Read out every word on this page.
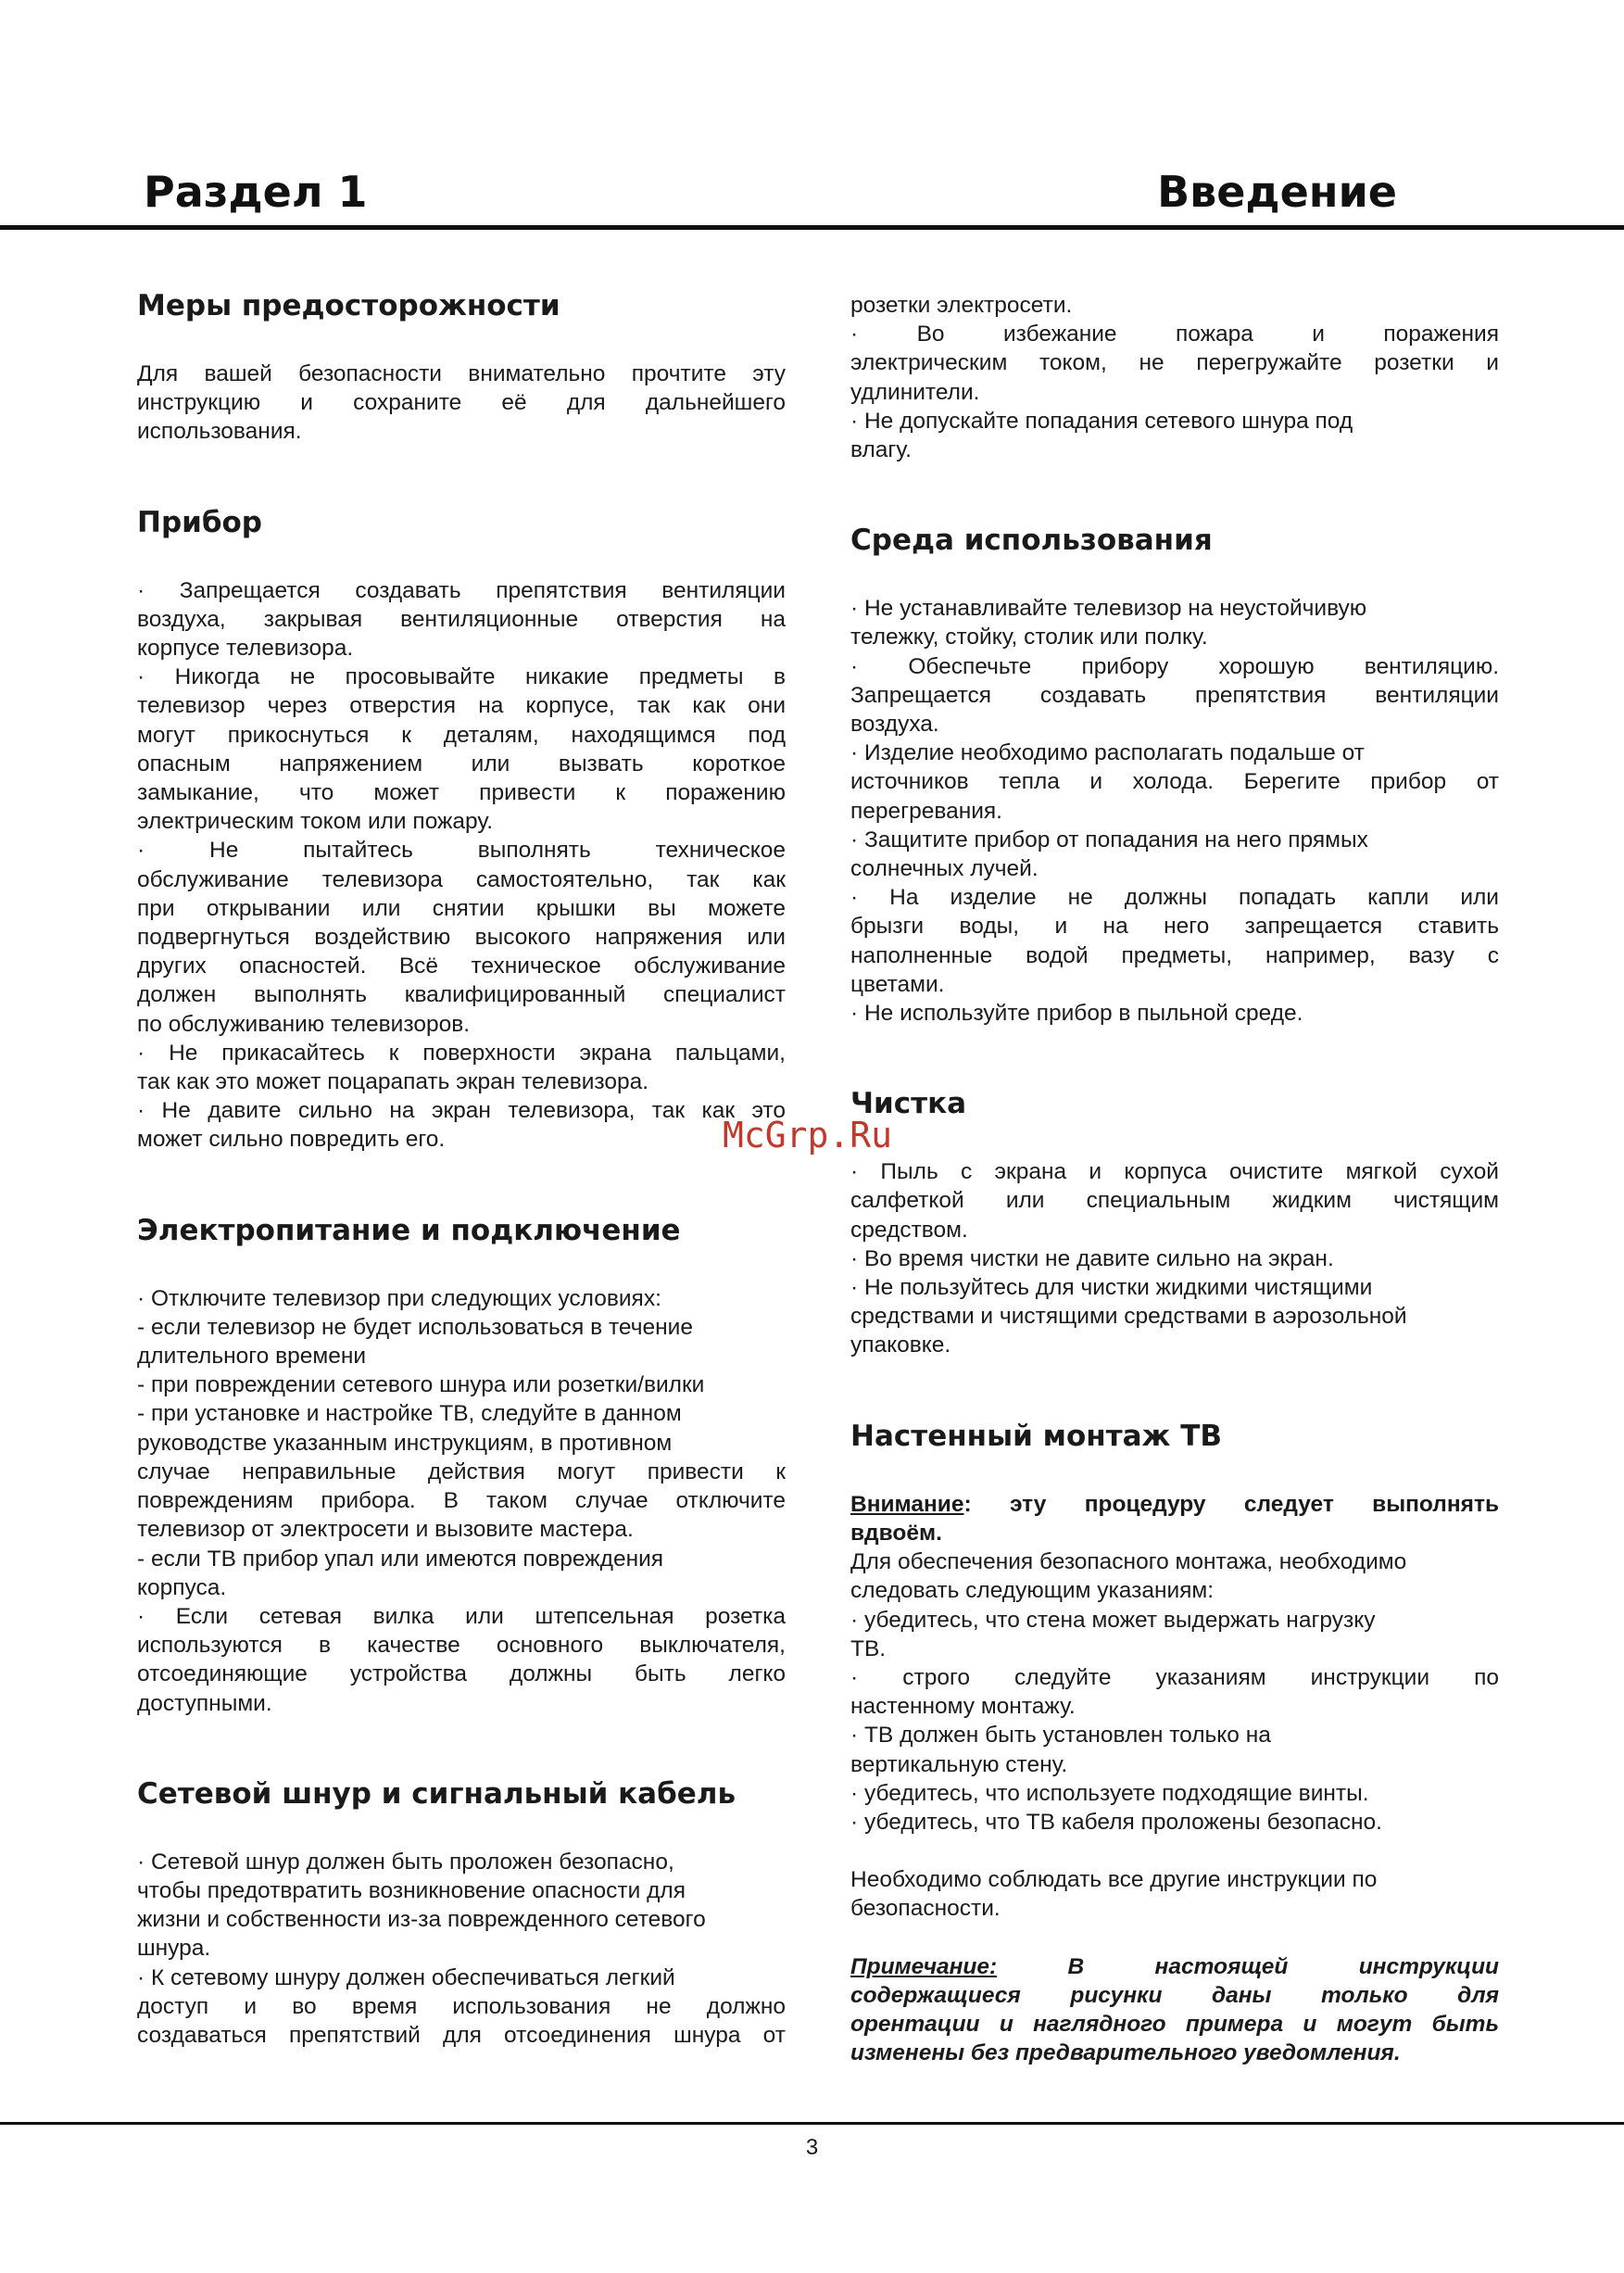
Раздел 1	Введение
Меры предосторожности

Для вашей безопасности внимательно прочтите эту

инструкцию и сохраните её для дальнейшего

использования.

Прибор

· Запрещается создавать препятствия вентиляции

воздуха, закрывая вентиляционные отверстия на

корпусе телевизора.

· Никогда не просовывайте никакие предметы в

телевизор через отверстия на корпусе, так как они

могут прикоснуться к деталям, находящимся под

опасным напряжением или вызвать короткое

замыкание, что может привести к поражению

электрическим током или пожару.

· Не пытайтесь выполнять техническое

обслуживание телевизора самостоятельно, так как

при открывании или снятии крышки вы можете

подвергнуться воздействию высокого напряжения или

других опасностей. Всё техническое обслуживание

должен выполнять квалифицированный специалист

по обслуживанию телевизоров.

· Не прикасайтесь к поверхности экрана пальцами,

так как это может поцарапать экран телевизора.

· Не давите сильно на экран телевизора, так как это

может сильно повредить его.

Электропитание и подключение

· Отключите телевизор при следующих условиях:

- если телевизор не будет использоваться в течение

длительного времени

- при повреждении сетевого шнура или розетки/вилки

- при установке и настройке ТВ, следуйте в данном

руководстве указанным инструкциям, в противном

случае неправильные действия могут привести к

повреждениям прибора. В таком случае отключите

телевизор от электросети и вызовите мастера.

- если ТВ прибор упал или имеются повреждения

корпуса.

· Если сетевая вилка или штепсельная розетка

используются в качестве основного выключателя,

отсоединяющие устройства должны быть легко

доступными.

Сетевой шнур и сигнальный кабель

· Сетевой шнур должен быть проложен безопасно,

чтобы предотвратить возникновение опасности для

жизни и собственности из-за поврежденного сетевого

шнура.

· К сетевому шнуру должен обеспечиваться легкий

доступ и во время использования не должно

создаваться препятствий для отсоединения шнура от

розетки электросети.

· Во избежание пожара и поражения

электрическим током, не перегружайте розетки и

удлинители.

· Не допускайте попадания сетевого шнура под

влагу.

Среда использования

· Не устанавливайте телевизор на неустойчивую

тележку, стойку, столик или полку.

· Обеспечьте прибору хорошую вентиляцию.

Запрещается создавать препятствия вентиляции

воздуха.

· Изделие необходимо располагать подальше от

источников тепла и холода. Берегите прибор от

перегревания.

· Защитите прибор от попадания на него прямых

солнечных лучей.

· На изделие не должны попадать капли или

брызги воды, и на него запрещается ставить

наполненные водой предметы, например, вазу с

цветами.

· Не используйте прибор в пыльной среде.

Чистка

· Пыль с экрана и корпуса очистите мягкой сухой

салфеткой или специальным жидким чистящим

средством.

· Во время чистки не давите сильно на экран.

· Не пользуйтесь для чистки жидкими чистящими

средствами и чистящими средствами в аэрозольной

упаковке.

Настенный монтаж ТВ

Внимание: эту процедуру следует выполнять

вдвоём.

Для обеспечения безопасного монтажа, необходимо

следовать следующим указаниям:

· убедитесь, что стена может выдержать нагрузку

ТВ.

· строго следуйте указаниям инструкции по

настенному монтажу.

· ТВ должен быть установлен только на

вертикальную стену.

· убедитесь, что используете подходящие винты.

· убедитесь, что ТВ кабеля проложены безопасно.

Необходимо соблюдать все другие инструкции по

безопасности.

Примечание: В настоящей инструкции

содержащиеся рисунки даны только для

орентации и наглядного примера и могут быть

изменены без предварительного уведомления.

McGrp.Ru
3
